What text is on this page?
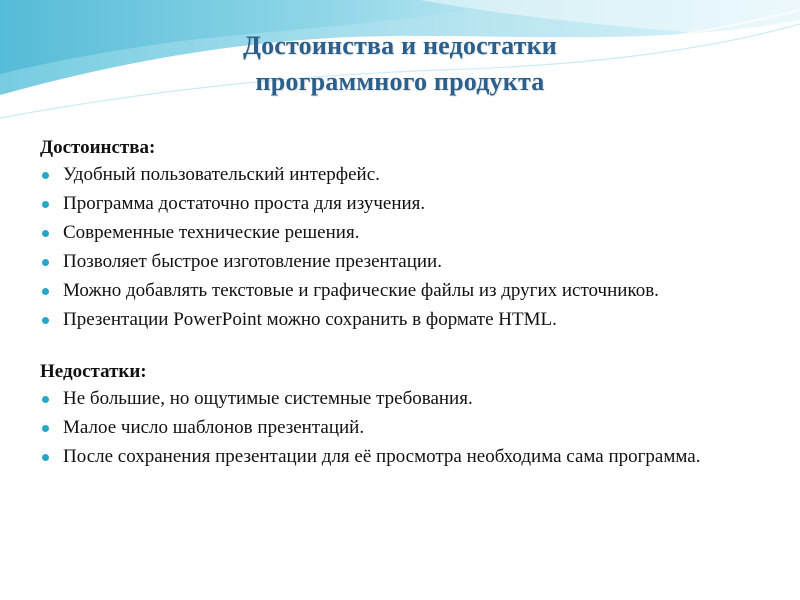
Достоинства и недостатки
программного продукта

Достоинства:

Удобный пользовательский интерфейс.
Программа достаточно проста для изучения.
Современные технические решения.
Позволяет быстрое изготовление презентации.
Можно добавлять текстовые и графические файлы из других источников.
Презентации PowerPoint можно сохранить в формате HTML.

Недостатки:

Не большие, но ощутимые системные требования.
Малое число шаблонов презентаций.
После сохранения презентации для её просмотра необходима сама программа.
